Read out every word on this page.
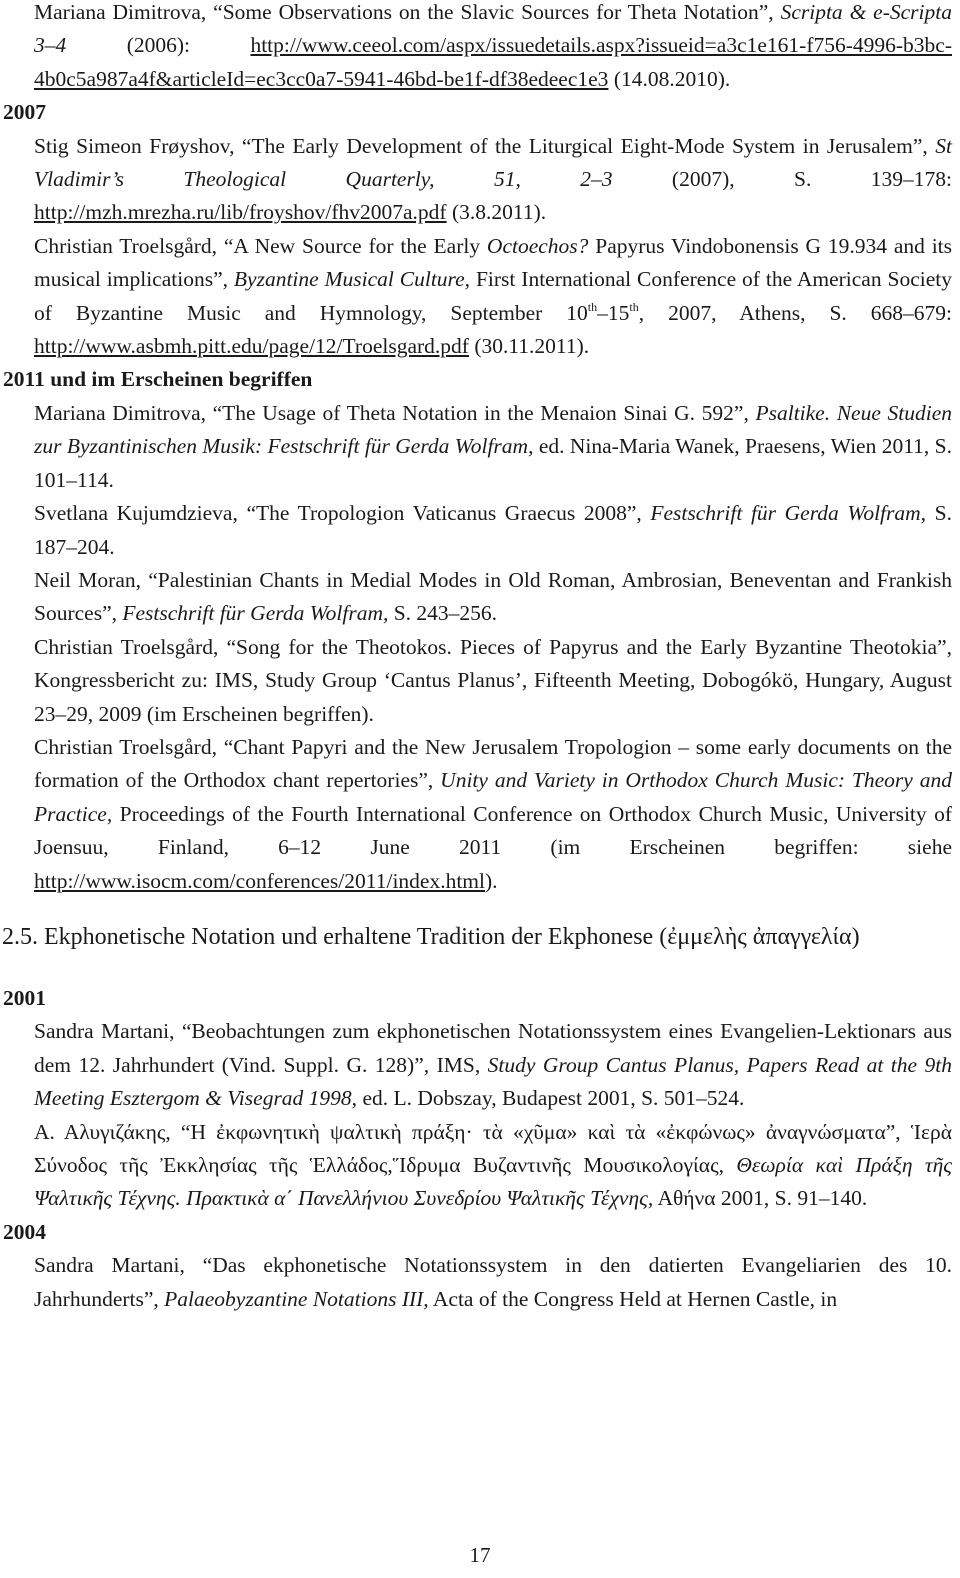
Mariana Dimitrova, “Some Observations on the Slavic Sources for Theta Notation”, Scripta & e-Scripta 3–4 (2006): http://www.ceeol.com/aspx/issuedetails.aspx?issueid=a3c1e161-f756-4996-b3bc-4b0c5a987a4f&articleId=ec3cc0a7-5941-46bd-be1f-df38edeec1e3 (14.08.2010).
2007
Stig Simeon Frøyshov, “The Early Development of the Liturgical Eight-Mode System in Jerusalem”, St Vladimir’s Theological Quarterly, 51, 2–3 (2007), S. 139–178: http://mzh.mrezha.ru/lib/froyshov/fhv2007a.pdf (3.8.2011).
Christian Troelsgård, “A New Source for the Early Octoechos? Papyrus Vindobonensis G 19.934 and its musical implications”, Byzantine Musical Culture, First International Conference of the American Society of Byzantine Music and Hymnology, September 10th–15th, 2007, Athens, S. 668–679: http://www.asbmh.pitt.edu/page/12/Troelsgard.pdf (30.11.2011).
2011 und im Erscheinen begriffen
Mariana Dimitrova, “The Usage of Theta Notation in the Menaion Sinai G. 592”, Psaltike. Neue Studien zur Byzantinischen Musik: Festschrift für Gerda Wolfram, ed. Nina-Maria Wanek, Praesens, Wien 2011, S. 101–114.
Svetlana Kujumdzieva, “The Tropologion Vaticanus Graecus 2008”, Festschrift für Gerda Wolfram, S. 187–204.
Neil Moran, “Palestinian Chants in Medial Modes in Old Roman, Ambrosian, Beneventan and Frankish Sources”, Festschrift für Gerda Wolfram, S. 243–256.
Christian Troelsgård, “Song for the Theotokos. Pieces of Papyrus and the Early Byzantine Theotokia”, Kongressbericht zu: IMS, Study Group ‘Cantus Planus’, Fifteenth Meeting, Dobogókö, Hungary, August 23–29, 2009 (im Erscheinen begriffen).
Christian Troelsgård, “Chant Papyri and the New Jerusalem Tropologion – some early documents on the formation of the Orthodox chant repertories”, Unity and Variety in Orthodox Church Music: Theory and Practice, Proceedings of the Fourth International Conference on Orthodox Church Music, University of Joensuu, Finland, 6–12 June 2011 (im Erscheinen begriffen: siehe http://www.isocm.com/conferences/2011/index.html).
2.5. Ekphonetische Notation und erhaltene Tradition der Ekphonese (ἐμμελὴς ἀπαγγελία)
2001
Sandra Martani, “Beobachtungen zum ekphonetischen Notationssystem eines Evangelien-Lektionars aus dem 12. Jahrhundert (Vind. Suppl. G. 128)”, IMS, Study Group Cantus Planus, Papers Read at the 9th Meeting Esztergom & Visegrad 1998, ed. L. Dobszay, Budapest 2001, S. 501–524.
Α. Αλυγιζάκης, “Η ἐκφωνητικὴ ψαλτικὴ πράξη· τὰ «χῦμα» καὶ τὰ «ἐκφώνως» ἀναγνώσματα”, Ἱερὰ Σύνοδος τῆς Ἐκκλησίας τῆς Ἑλλάδος,Ἵδρυμα Βυζαντινῆς Μουσικολογίας, Θεωρία καὶ Πράξη τῆς Ψαλτικῆς Τέχνης. Πρακτικὰ α΄ Πανελλήνιου Συνεδρίου Ψαλτικῆς Τέχνης, Αθήνα 2001, S. 91–140.
2004
Sandra Martani, “Das ekphonetische Notationssystem in den datierten Evangeliarien des 10. Jahrhunderts”, Palaeobyzantine Notations III, Acta of the Congress Held at Hernen Castle, in
17
